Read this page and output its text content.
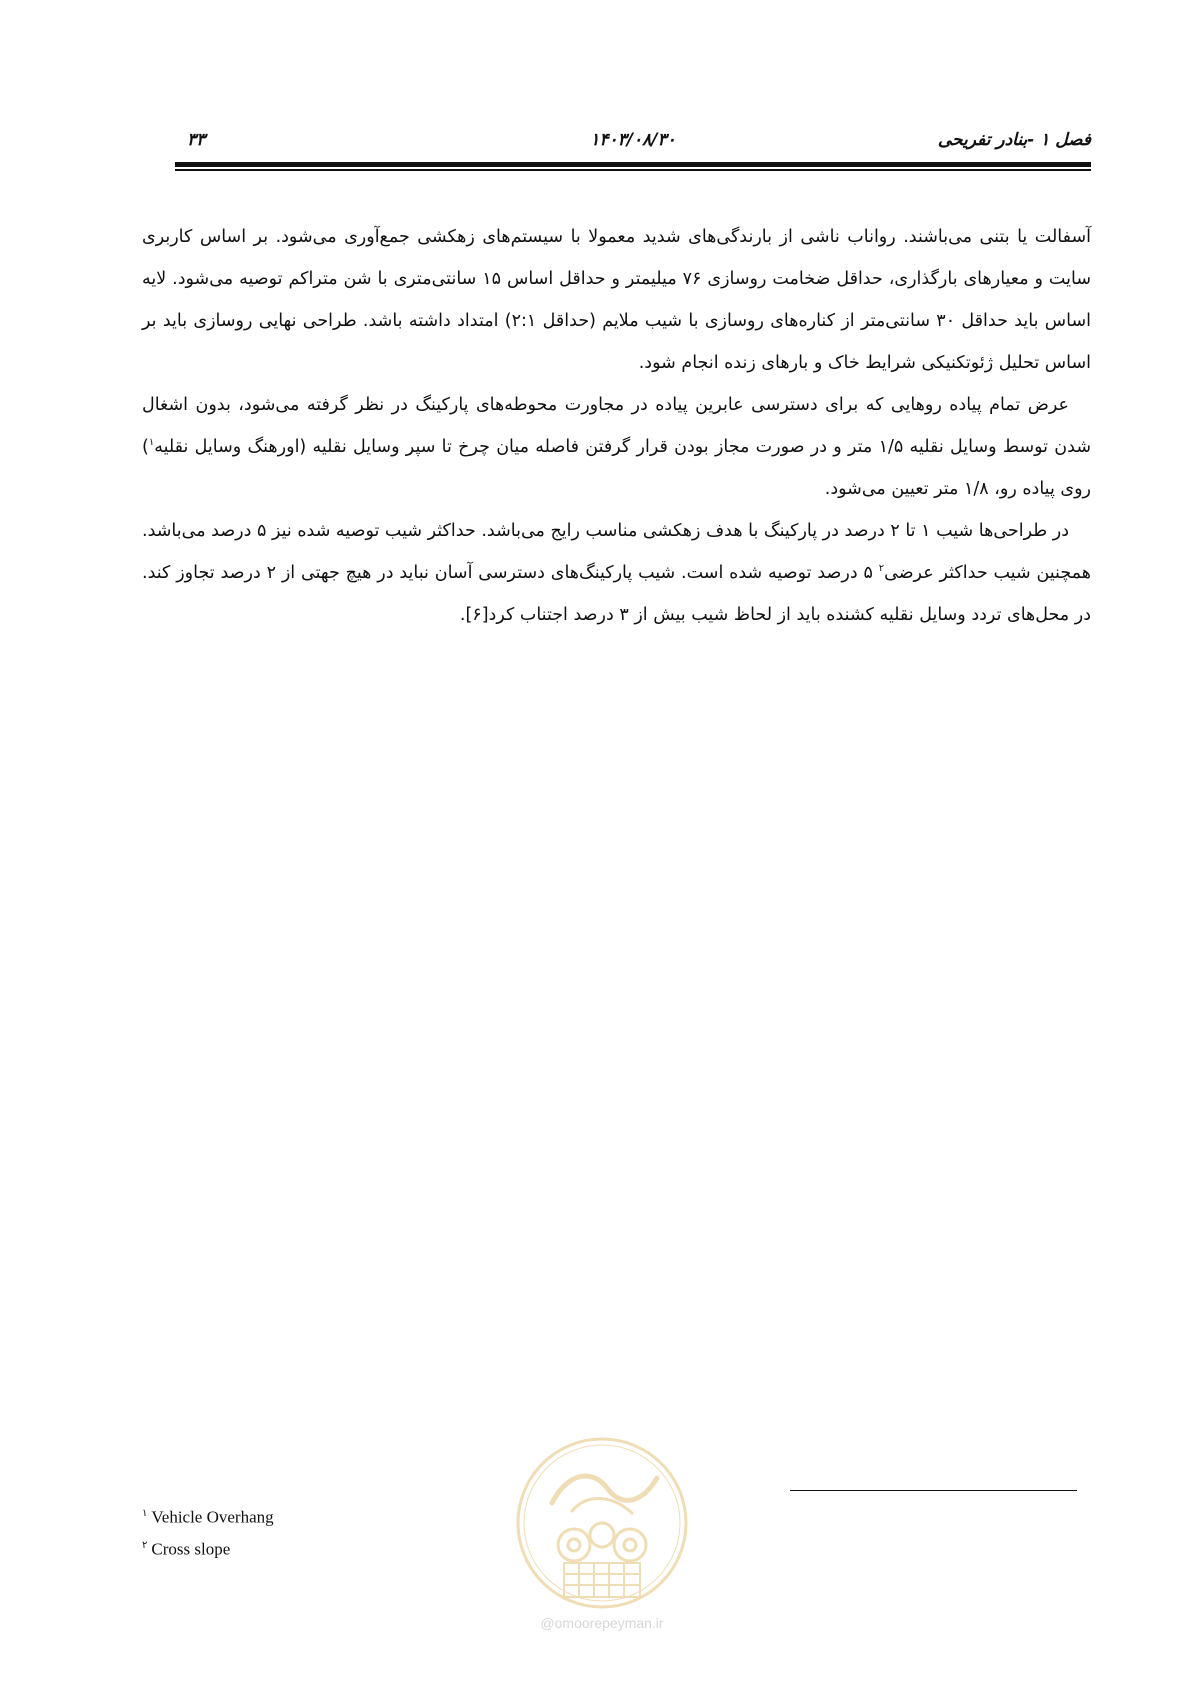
فصل ۱ -بنادر تفریحی
۱۴۰۳/۰۸/۳۰
۳۳

آسفالت یا بتنی می‌باشند. رواناب ناشی از بارندگی‌های شدید معمولا با سیستم‌های زهکشی جمع‌آوری می‌شود. بر اساس کاربری سایت و معیارهای بارگذاری، حداقل ضخامت روسازی ۷۶ میلیمتر و حداقل اساس ۱۵ سانتی‌متری با شن متراکم توصیه می‌شود. لایه اساس باید حداقل ۳۰ سانتی‌متر از کناره‌های روسازی با شیب ملایم (حداقل ۲:۱) امتداد داشته باشد. طراحی نهایی روسازی باید بر اساس تحلیل ژئوتکنیکی شرایط خاک و بارهای زنده انجام شود.

عرض تمام پیاده روهایی که برای دسترسی عابرین پیاده در مجاورت محوطه‌های پارکینگ در نظر گرفته می‌شود، بدون اشغال شدن توسط وسایل نقلیه ۱/۵ متر و در صورت مجاز بودن قرار گرفتن فاصله میان چرخ تا سپر وسایل نقلیه (اورهنگ وسایل نقلیه$^۱$) روی پیاده رو، ۱/۸ متر تعیین می‌شود.

در طراحی‌ها شیب ۱ تا ۲ درصد در پارکینگ با هدف زهکشی مناسب رایج می‌باشد. حداکثر شیب توصیه شده نیز ۵ درصد می‌باشد. همچنین شیب حداکثر عرضی$^۲$ ۵ درصد توصیه شده است. شیب پارکینگ‌های دسترسی آسان نباید در هیچ جهتی از ۲ درصد تجاوز کند. در محل‌های تردد وسایل نقلیه کشنده باید از لحاظ شیب بیش از ۳ درصد اجتناب کرد[۶].

$^۱$ Vehicle Overhang
$^۲$ Cross slope
@omoorepeyman.ir
